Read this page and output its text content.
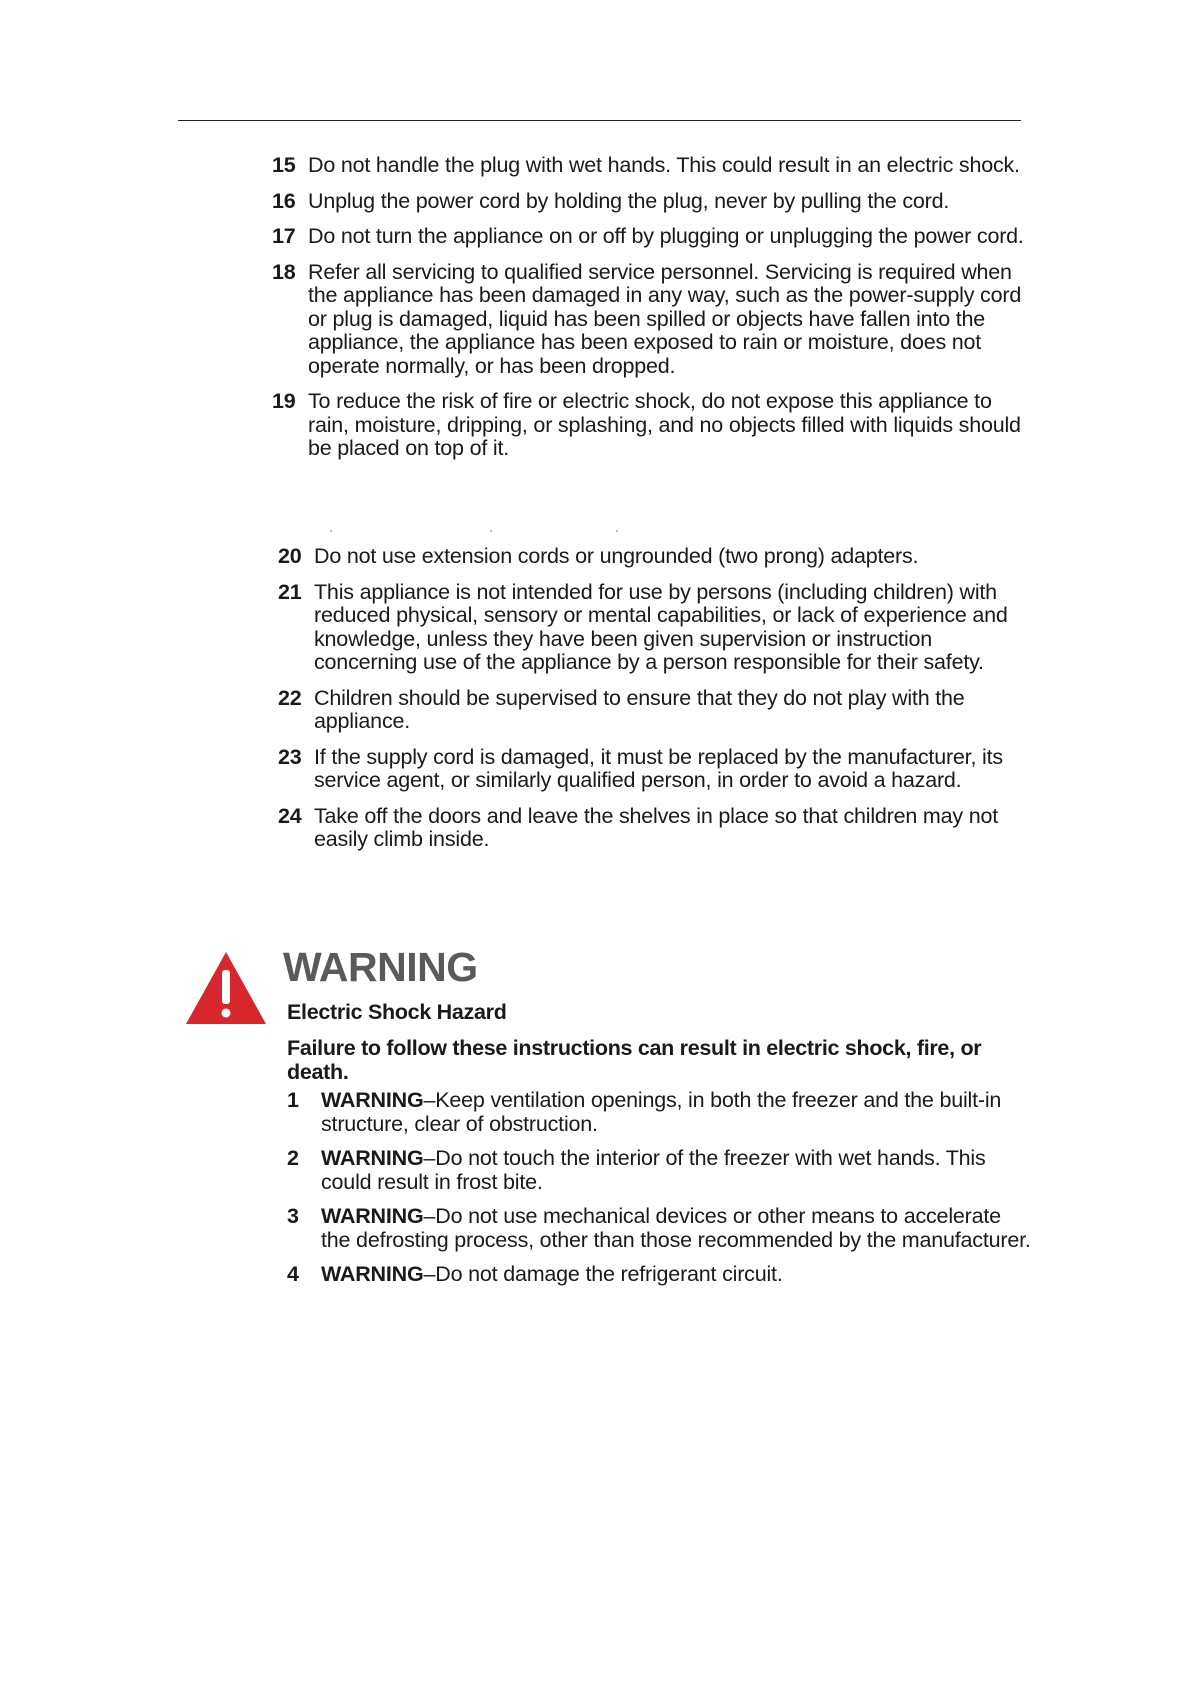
15 Do not handle the plug with wet hands. This could result in an electric shock.
16 Unplug the power cord by holding the plug, never by pulling the cord.
17 Do not turn the appliance on or off by plugging or unplugging the power cord.
18 Refer all servicing to qualified service personnel. Servicing is required when the appliance has been damaged in any way, such as the power-supply cord or plug is damaged, liquid has been spilled or objects have fallen into the appliance, the appliance has been exposed to rain or moisture, does not operate normally, or has been dropped.
19 To reduce the risk of fire or electric shock, do not expose this appliance to rain, moisture, dripping, or splashing, and no objects filled with liquids should be placed on top of it.
20 Do not use extension cords or ungrounded (two prong) adapters.
21 This appliance is not intended for use by persons (including children) with reduced physical, sensory or mental capabilities, or lack of experience and knowledge, unless they have been given supervision or instruction concerning use of the appliance by a person responsible for their safety.
22 Children should be supervised to ensure that they do not play with the appliance.
23 If the supply cord is damaged, it must be replaced by the manufacturer, its service agent, or similarly qualified person, in order to avoid a hazard.
24 Take off the doors and leave the shelves in place so that children may not easily climb inside.
WARNING
Electric Shock Hazard
Failure to follow these instructions can result in electric shock, fire, or death.
1	WARNING–Keep ventilation openings, in both the freezer and the built-in structure, clear of obstruction.
2	WARNING–Do not touch the interior of the freezer with wet hands. This could result in frost bite.
3	WARNING–Do not use mechanical devices or other means to accelerate the defrosting process, other than those recommended by the manufacturer.
4	WARNING–Do not damage the refrigerant circuit.
